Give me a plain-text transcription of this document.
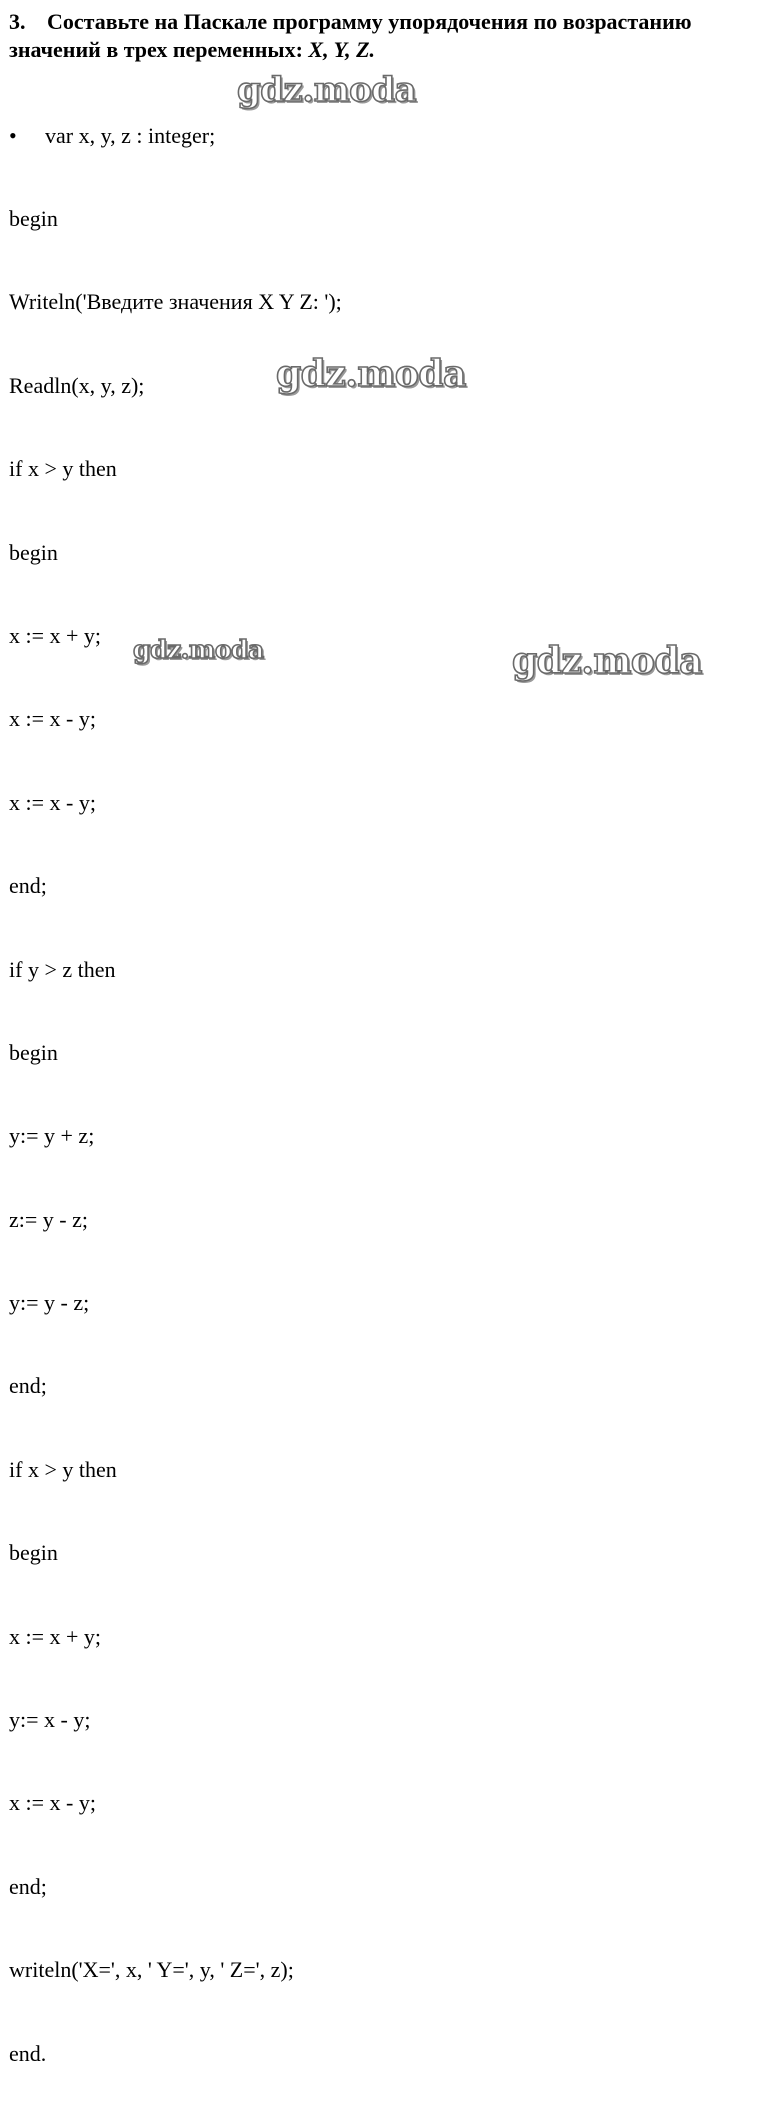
3. Составьте на Паскале программу упорядочения по возрастанию значений в трех переменных: X, Y, Z.

• var x, y, z : integer;

begin

Writeln('Введите значения X Y Z: ');

Readln(x, y, z);

if x > y then

begin

x := x + y;

x := x - y;

x := x - y;

end;

if y > z then

begin

y:= y + z;

z:= y - z;

y:= y - z;

end;

if x > y then

begin

x := x + y;

y:= x - y;

x := x - y;

end;

writeln('X=', x, ' Y=', y, ' Z=', z);

end.

gdz.moda
gdz.moda
gdz.moda	gdz.moda
